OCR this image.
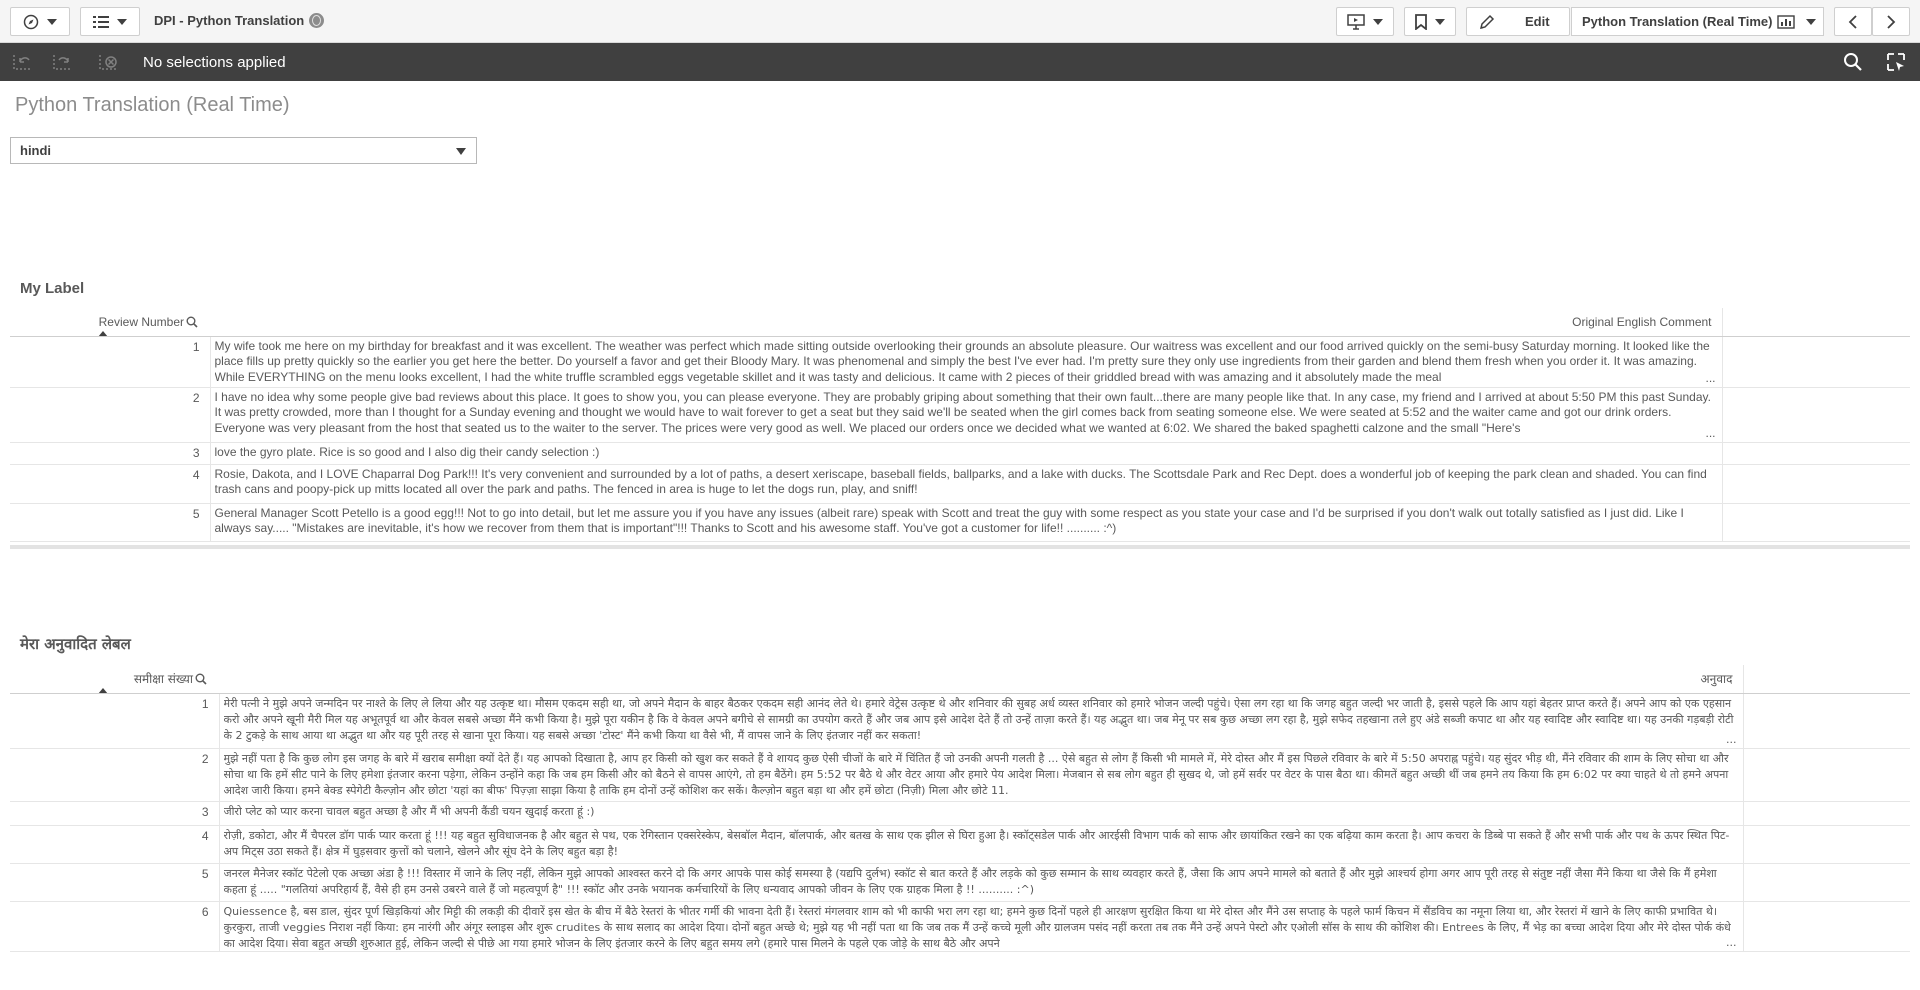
DPI - Python Translation	Edit Python Translation (Real Time)
No selections applied
Python Translation (Real Time)
hindi
My Label
Review Number	Original English Comment	
1	My wife took me here on my birthday for breakfast and it was excellent. The weather was perfect which made sitting outside overlooking their grounds an absolute pleasure. Our waitress was excellent and our food arrived quickly on the semi-busy Saturday morning. It looked like the place fills up pretty quickly so the earlier you get here the better. Do yourself a favor and get their Bloody Mary. It was phenomenal and simply the best I've ever had. I'm pretty sure they only use ingredients from their garden and blend them fresh when you order it. It was amazing. While EVERYTHING on the menu looks excellent, I had the white truffle scrambled eggs vegetable skillet and it was tasty and delicious. It came with 2 pieces of their griddled bread with was amazing and it absolutely made the meal ...	

2	I have no idea why some people give bad reviews about this place. It goes to show you, you can please everyone. They are probably griping about something that their own fault...there are many people like that. In any case, my friend and I arrived at about 5:50 PM this past Sunday. It was pretty crowded, more than I thought for a Sunday evening and thought we would have to wait forever to get a seat but they said we'll be seated when the girl comes back from seating someone else. We were seated at 5:52 and the waiter came and got our drink orders. Everyone was very pleasant from the host that seated us to the waiter to the server. The prices were very good as well. We placed our orders once we decided what we wanted at 6:02. We shared the baked spaghetti calzone and the small "Here's ...	

3	love the gyro plate. Rice is so good and I also dig their candy selection :)	

4	Rosie, Dakota, and I LOVE Chaparral Dog Park!!! It's very convenient and surrounded by a lot of paths, a desert xeriscape, baseball fields, ballparks, and a lake with ducks. The Scottsdale Park and Rec Dept. does a wonderful job of keeping the park clean and shaded. You can find trash cans and poopy-pick up mitts located all over the park and paths. The fenced in area is huge to let the dogs run, play, and sniff!	

5	General Manager Scott Petello is a good egg!!! Not to go into detail, but let me assure you if you have any issues (albeit rare) speak with Scott and treat the guy with some respect as you state your case and I'd be surprised if you don't walk out totally satisfied as I just did. Like I always say..... "Mistakes are inevitable, it's how we recover from them that is important"!!! Thanks to Scott and his awesome staff. You've got a customer for life!! .......... :^)	

मेरा अनुवादित लेबल
समीक्षा संख्या	अनुवाद	
1	मेरी पत्नी ने मुझे अपने जन्मदिन पर नाश्ते के लिए ले लिया और यह उत्कृष्ट था। मौसम एकदम सही था, जो अपने मैदान के बाहर बैठकर एकदम सही आनंद लेते थे। हमारे वेट्रेस उत्कृष्ट थे और शनिवार की सुबह अर्ध व्यस्त शनिवार को हमारे भोजन जल्दी पहुंचे। ऐसा लग रहा था कि जगह बहुत जल्दी भर जाती है, इससे पहले कि आप यहां बेहतर प्राप्त करते हैं। अपने आप को एक एहसान करो और अपने खूनी मैरी मिल यह अभूतपूर्व था और केवल सबसे अच्छा मैंने कभी किया है। मुझे पूरा यकीन है कि वे केवल अपने बगीचे से सामग्री का उपयोग करते हैं और जब आप इसे आदेश देते हैं तो उन्हें ताज़ा करते हैं। यह अद्भुत था। जब मेनू पर सब कुछ अच्छा लग रहा है, मुझे सफेद तहखाना तले हुए अंडे सब्जी कपाट था और यह स्वादिष्ट और स्वादिष्ट था। यह उनकी गड़बड़ी रोटी के 2 टुकड़े के साथ आया था अद्भुत था और यह पूरी तरह से खाना पूरा किया। यह सबसे अच्छा 'टोस्ट' मैंने कभी किया था वैसे भी, मैं वापस जाने के लिए इंतजार नहीं कर सकता! ...	

2	मुझे नहीं पता है कि कुछ लोग इस जगह के बारे में खराब समीक्षा क्यों देते हैं। यह आपको दिखाता है, आप हर किसी को खुश कर सकते हैं वे शायद कुछ ऐसी चीजों के बारे में चिंतित हैं जो उनकी अपनी गलती है ... ऐसे बहुत से लोग हैं किसी भी मामले में, मेरे दोस्त और मैं इस पिछले रविवार के बारे में 5:50 अपराह्न पहुंचे। यह सुंदर भीड़ थी, मैंने रविवार की शाम के लिए सोचा था और सोचा था कि हमें सीट पाने के लिए हमेशा इंतजार करना पड़ेगा, लेकिन उन्होंने कहा कि जब हम किसी और को बैठने से वापस आएंगे, तो हम बैठेंगे। हम 5:52 पर बैठे थे और वेटर आया और हमारे पेय आदेश मिला। मेजबान से सब लोग बहुत ही सुखद थे, जो हमें सर्वर पर वेटर के पास बैठा था। कीमतें बहुत अच्छी थीं जब हमने तय किया कि हम 6:02 पर क्या चाहते थे तो हमने अपना आदेश जारी किया। हमने बेक्ड स्पेगेटी कैल्ज़ोन और छोटा 'यहां का बीफ' पिज़्ज़ा साझा किया है ताकि हम दोनों उन्हें कोशिश कर सकें। कैल्ज़ोन बहुत बड़ा था और हमें छोटा (निज़ी) मिला और छोटे 11.	

3	जीरो प्लेट को प्यार करना चावल बहुत अच्छा है और मैं भी अपनी कैंडी चयन खुदाई करता हूं :)	

4	रोज़ी, डकोटा, और मैं चैपरल डॉग पार्क प्यार करता हूं !!! यह बहुत सुविधाजनक है और बहुत से पथ, एक रेगिस्तान एक्सरेस्केप, बेसबॉल मैदान, बॉलपार्क, और बतख के साथ एक झील से घिरा हुआ है। स्कॉट्सडेल पार्क और आरईसी विभाग पार्क को साफ और छायांकित रखने का एक बढ़िया काम करता है। आप कचरा के डिब्बे पा सकते हैं और सभी पार्क और पथ के ऊपर स्थित पिट-अप मिट्स उठा सकते हैं। क्षेत्र में घुड़सवार कुत्तों को चलाने, खेलने और सूंघ देने के लिए बहुत बड़ा है!	

5	जनरल मैनेजर स्कॉट पेटेलो एक अच्छा अंडा है !!! विस्तार में जाने के लिए नहीं, लेकिन मुझे आपको आश्वस्त करने दो कि अगर आपके पास कोई समस्या है (यद्यपि दुर्लभ) स्कॉट से बात करते हैं और लड़के को कुछ सम्मान के साथ व्यवहार करते हैं, जैसा कि आप अपने मामले को बताते हैं और मुझे आश्चर्य होगा अगर आप पूरी तरह से संतुष्ट नहीं जैसा मैंने किया था जैसे कि मैं हमेशा कहता हूं ..... "गलतियां अपरिहार्य हैं, वैसे ही हम उनसे उबरने वाले हैं जो महत्वपूर्ण है" !!! स्कॉट और उनके भयानक कर्मचारियों के लिए धन्यवाद आपको जीवन के लिए एक ग्राहक मिला है !! .......... :^)	

6	Quiessence है, बस डाल, सुंदर पूर्ण खिड़कियां और मिट्टी की लकड़ी की दीवारें इस खेत के बीच में बैठे रेस्तरां के भीतर गर्मी की भावना देती हैं। रेस्तरां मंगलवार शाम को भी काफी भरा लग रहा था; हमने कुछ दिनों पहले ही आरक्षण सुरक्षित किया था मेरे दोस्त और मैंने उस सप्ताह के पहले फार्म किचन में सैंडविच का नमूना लिया था, और रेस्तरां में खाने के लिए काफी प्रभावित थे। कुरकुरा, ताजी veggies निराश नहीं किया: हम नारंगी और अंगूर स्लाइस और शुरू crudites के साथ सलाद का आदेश दिया। दोनों बहुत अच्छे थे; मुझे यह भी नहीं पता था कि जब तक मैं उन्हें कच्चे मूली और ग्रालजम पसंद नहीं करता तब तक मैंने उन्हें अपने पेस्टो और एओली सॉस के साथ की कोशिश की। Entrees के लिए, मैं भेड़ का बच्चा आदेश दिया और मेरे दोस्त पोर्क कंधे का आदेश दिया। सेवा बहुत अच्छी शुरुआत हुई, लेकिन जल्दी से पीछे आ गया हमारे भोजन के लिए इंतजार करने के लिए बहुत समय लगे (हमारे पास मिलने के पहले एक जोड़े के साथ बैठे और अपने ...	
